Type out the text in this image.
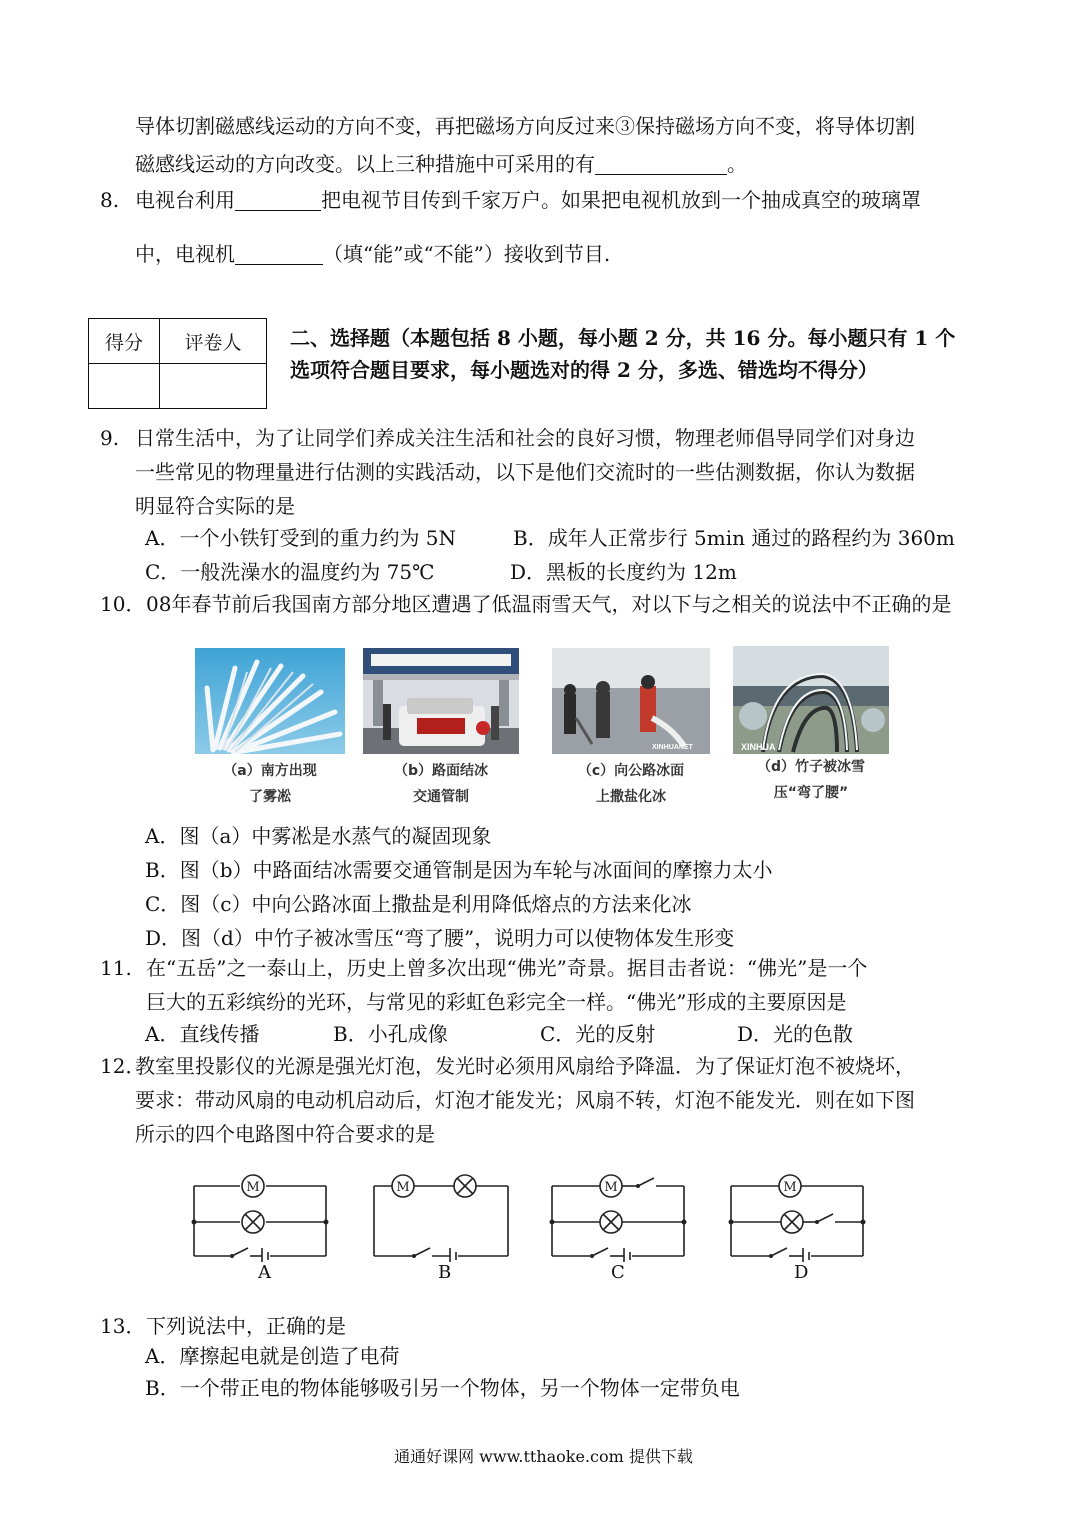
导体切割磁感线运动的方向不变，再把磁场方向反过来③保持磁场方向不变，将导体切割
磁感线运动的方向改变。以上三种措施中可采用的有	。
8. 电视台利用	把电视节目传到千家万户。如果把电视机放到一个抽成真空的玻璃罩
中，电视机	（填“能”或“不能”）接收到节目.
得分	评卷人
	二、选择题（本题包括 8 小题，每小题 2 分，共 16 分。每小题只有 1 个
选项符合题目要求，每小题选对的得 2 分，多选、错选均不得分）
9. 日常生活中，为了让同学们养成关注生活和社会的良好习惯，物理老师倡导同学们对身边
一些常见的物理量进行估测的实践活动，以下是他们交流时的一些估测数据，你认为数据
明显符合实际的是
A．一个小铁钉受到的重力约为 5N	B．成年人正常步行 5min 通过的路程约为 360m
C．一般洗澡水的温度约为 75℃	D．黑板的长度约为 12m
10． 08年春节前后我国南方部分地区遭遇了低温雨雪天气，对以下与之相关的说法中不正确的是
XINHUANET	XINHUA
（a）南方出现
了雾凇
（b）路面结冰
交通管制
（c）向公路冰面
上撒盐化冰
（d）竹子被冰雪
压“弯了腰”
A．图（a）中雾凇是水蒸气的凝固现象
B．图（b）中路面结冰需要交通管制是因为车轮与冰面间的摩擦力太小
C．图（c）中向公路冰面上撒盐是利用降低熔点的方法来化冰
D．图（d）中竹子被冰雪压“弯了腰”，说明力可以使物体发生形变
11. 在“五岳”之一泰山上，历史上曾多次出现“佛光”奇景。据目击者说：“佛光”是一个
巨大的五彩缤纷的光环，与常见的彩虹色彩完全一样。“佛光”形成的主要原因是
A．直线传播	B．小孔成像	C．光的反射	D．光的色散
12．
教室里投影仪的光源是强光灯泡，发光时必须用风扇给予降温．为了保证灯泡不被烧坏，
要求：带动风扇的电动机启动后，灯泡才能发光；风扇不转，灯泡不能发光．则在如下图
所示的四个电路图中符合要求的是
M
A
M
B
M
C
M
D
13． 下列说法中，正确的是
A．摩擦起电就是创造了电荷
B．一个带正电的物体能够吸引另一个物体，另一个物体一定带负电
通通好课网 www.tthaoke.com 提供下载
